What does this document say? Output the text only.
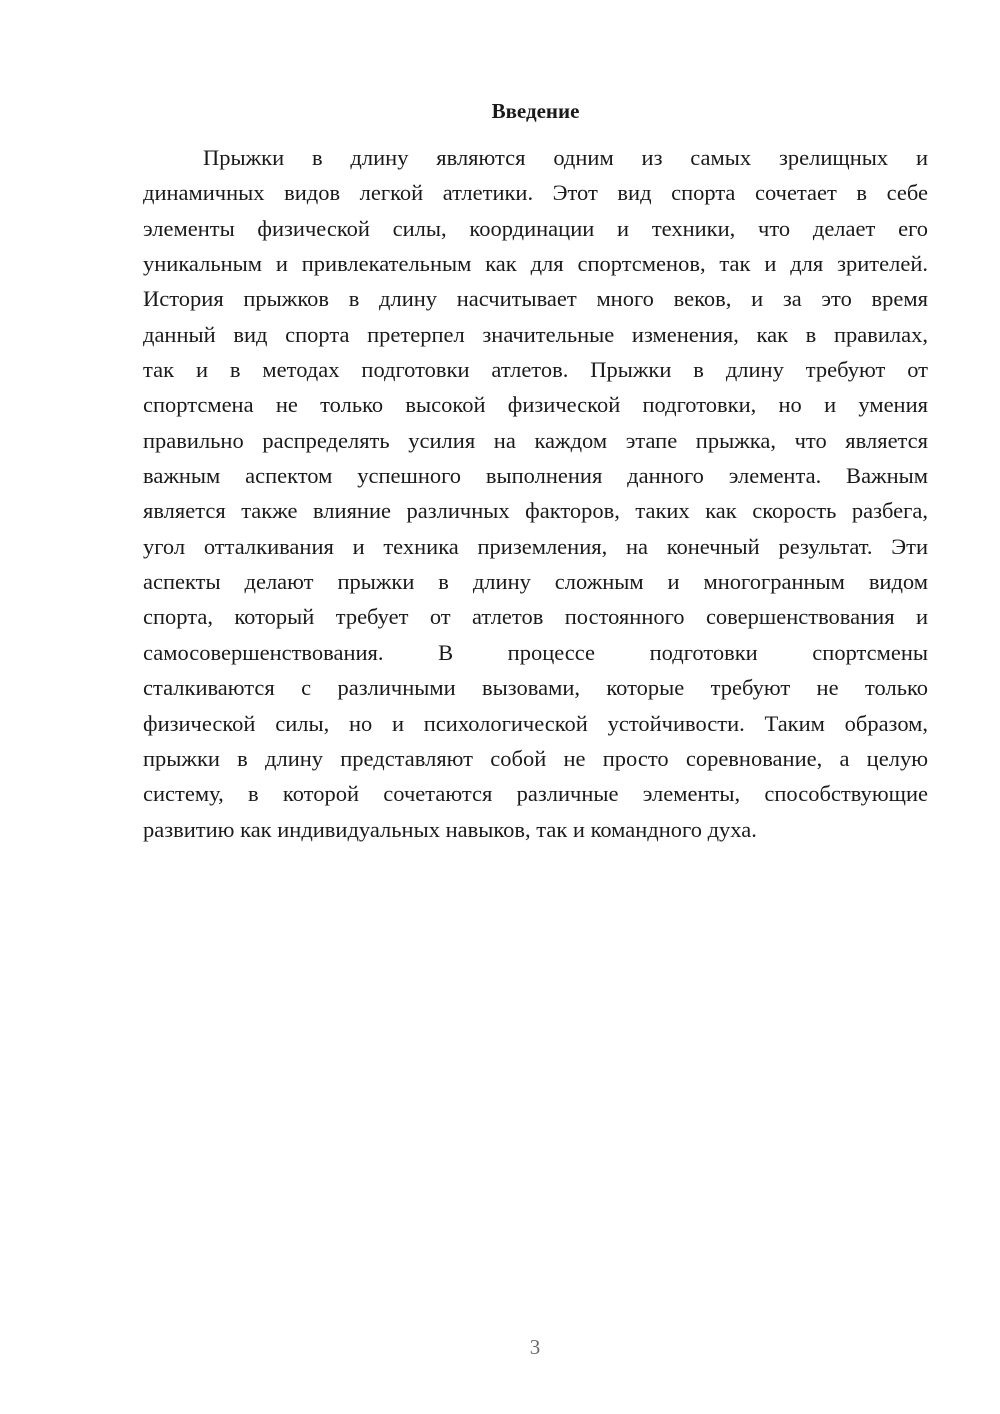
Введение

Прыжки в длину являются одним из самых зрелищных и
динамичных видов легкой атлетики. Этот вид спорта сочетает в себе
элементы физической силы, координации и техники, что делает его
уникальным и привлекательным как для спортсменов, так и для зрителей.
История прыжков в длину насчитывает много веков, и за это время
данный вид спорта претерпел значительные изменения, как в правилах,
так и в методах подготовки атлетов. Прыжки в длину требуют от
спортсмена не только высокой физической подготовки, но и умения
правильно распределять усилия на каждом этапе прыжка, что является
важным аспектом успешного выполнения данного элемента. Важным
является также влияние различных факторов, таких как скорость разбега,
угол отталкивания и техника приземления, на конечный результат. Эти
аспекты делают прыжки в длину сложным и многогранным видом
спорта, который требует от атлетов постоянного совершенствования и
самосовершенствования. В процессе подготовки спортсмены
сталкиваются с различными вызовами, которые требуют не только
физической силы, но и психологической устойчивости. Таким образом,
прыжки в длину представляют собой не просто соревнование, а целую
систему, в которой сочетаются различные элементы, способствующие
развитию как индивидуальных навыков, так и командного духа.

3
